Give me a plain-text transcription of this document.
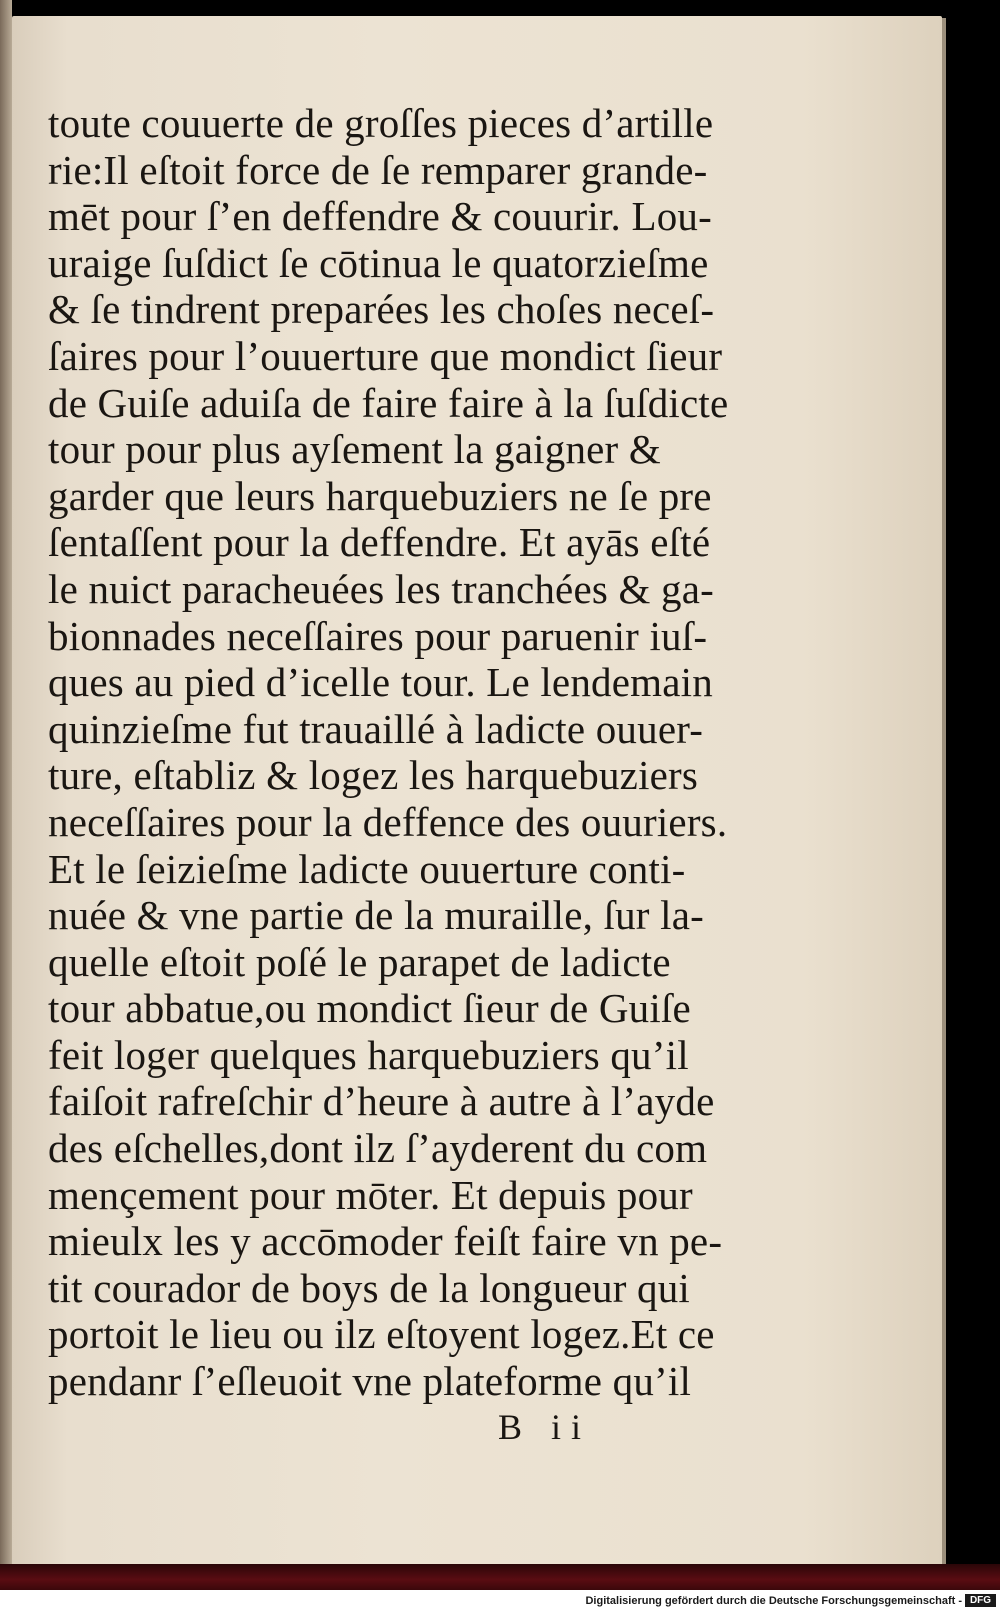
toute couuerte de groſſes pieces d’artille
rie:Il eſtoit force de ſe remparer grande-
mēt pour ſ’en deffendre & couurir. Lou-
uraige ſuſdict ſe cōtinua le quatorzieſme
& ſe tindrent preparées les choſes neceſ-
ſaires pour l’ouuerture que mondict ſieur
de Guiſe aduiſa de faire faire à la ſuſdicte
tour pour plus ayſement la gaigner &
garder que leurs harquebuziers ne ſe pre
ſentaſſent pour la deffendre. Et ayās eſté
le nuict paracheuées les tranchées & ga-
bionnades neceſſaires pour paruenir iuſ-
ques au pied d’icelle tour. Le lendemain
quinzieſme fut trauaillé à ladicte ouuer-
ture, eſtabliz & logez les harquebuziers
neceſſaires pour la deffence des ouuriers.
Et le ſeizieſme ladicte ouuerture conti-
nuée & vne partie de la muraille, ſur la-
quelle eſtoit poſé le parapet de ladicte
tour abbatue,ou mondict ſieur de Guiſe
feit loger quelques harquebuziers qu’il
faiſoit rafreſchir d’heure à autre à l’ayde
des eſchelles,dont ilz ſ’ayderent du com
mençement pour mōter. Et depuis pour
mieulx les y accōmoder feiſt faire vn pe-
tit courador de boys de la longueur qui
portoit le lieu ou ilz eſtoyent logez.Et ce
pendanr ſ’eſleuoit vne plateforme qu’il
B ii
Digitalisierung gefördert durch die Deutsche Forschungsgemeinschaft - DFG
